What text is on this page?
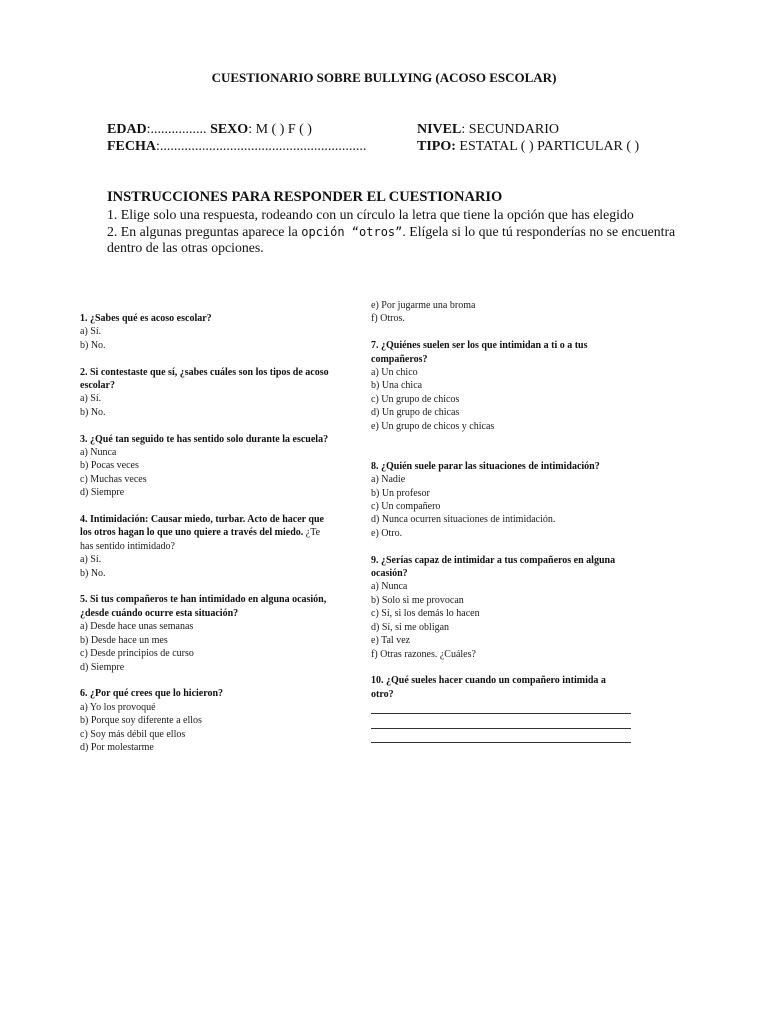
CUESTIONARIO SOBRE BULLYING (ACOSO ESCOLAR)
EDAD:................ SEXO: M ( ) F ( )
FECHA:...........................................................
NIVEL: SECUNDARIO
TIPO: ESTATAL ( ) PARTICULAR ( )
INSTRUCCIONES PARA RESPONDER EL CUESTIONARIO
1. Elige solo una respuesta, rodeando con un círculo la letra que tiene la opción que has elegido
2. En algunas preguntas aparece la opción “otros”. Elígela si lo que tú responderías no se encuentra
dentro de las otras opciones.
1. ¿Sabes qué es acoso escolar?
a) Sí.
b) No.
2. Si contestaste que sí, ¿sabes cuáles son los tipos de acoso
escolar?
a) Sí.
b) No.
3. ¿Qué tan seguido te has sentido solo durante la escuela?
a) Nunca
b) Pocas veces
c) Muchas veces
d) Siempre
4. Intimidación: Causar miedo, turbar. Acto de hacer que
los otros hagan lo que uno quiere a través del miedo. ¿Te
has sentido intimidado?
a) Sí.
b) No.
5. Si tus compañeros te han intimidado en alguna ocasión,
¿desde cuándo ocurre esta situación?
a) Desde hace unas semanas
b) Desde hace un mes
c) Desde principios de curso
d) Siempre
6. ¿Por qué crees que lo hicieron?
a) Yo los provoqué
b) Porque soy diferente a ellos
c) Soy más débil que ellos
d) Por molestarme
e) Por jugarme una broma
f) Otros.
7. ¿Quiénes suelen ser los que intimidan a ti o a tus
compañeros?
a) Un chico
b) Una chica
c) Un grupo de chicos
d) Un grupo de chicas
e) Un grupo de chicos y chicas
8. ¿Quién suele parar las situaciones de intimidación?
a) Nadie
b) Un profesor
c) Un compañero
d) Nunca ocurren situaciones de intimidación.
e) Otro.
9. ¿Serías capaz de intimidar a tus compañeros en alguna
ocasión?
a) Nunca
b) Solo si me provocan
c) Sí, si los demás lo hacen
d) Sí, si me obligan
e) Tal vez
f) Otras razones. ¿Cuáles?
10. ¿Qué sueles hacer cuando un compañero intimida a
otro?
